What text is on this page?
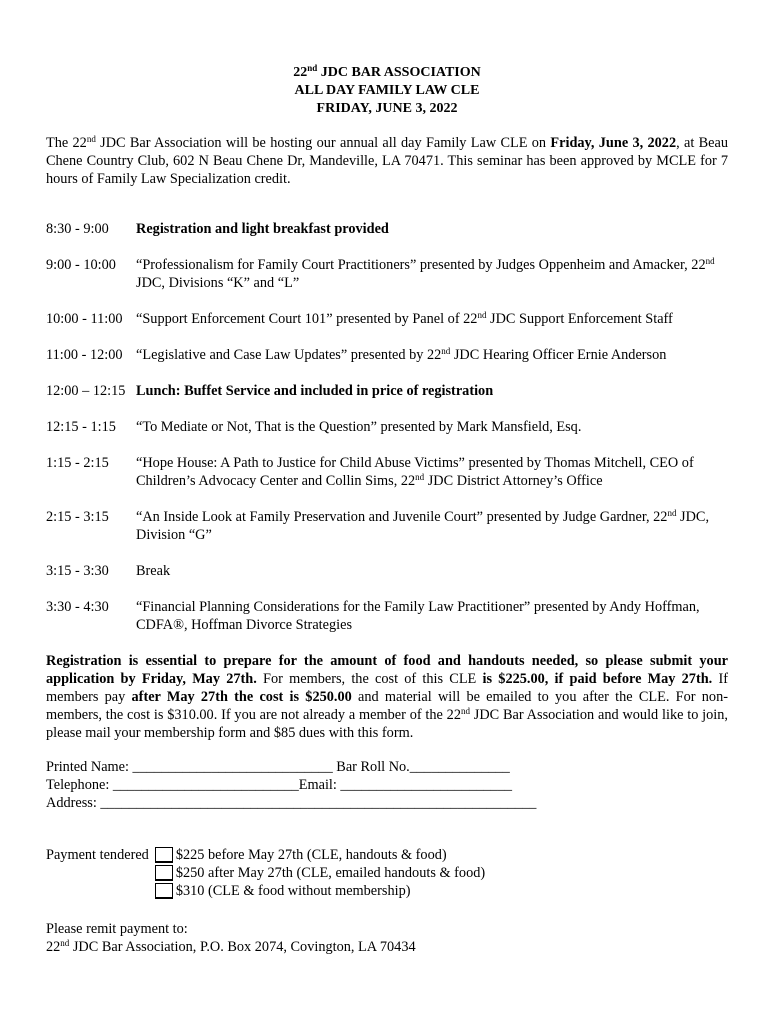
22nd JDC BAR ASSOCIATION
ALL DAY FAMILY LAW CLE
FRIDAY, JUNE 3, 2022

The 22nd JDC Bar Association will be hosting our annual all day Family Law CLE on Friday, June 3, 2022, at Beau Chene Country Club, 602 N Beau Chene Dr, Mandeville, LA 70471. This seminar has been approved by MCLE for 7 hours of Family Law Specialization credit.

8:30 - 9:00	Registration and light breakfast provided
9:00 - 10:00	“Professionalism for Family Court Practitioners” presented by Judges Oppenheim and Amacker, 22nd JDC, Divisions “K” and “L”
10:00 - 11:00 “Support Enforcement Court 101” presented by Panel of 22nd JDC Support Enforcement Staff
11:00 - 12:00 “Legislative and Case Law Updates” presented by 22nd JDC Hearing Officer Ernie Anderson
12:00 – 12:15 Lunch: Buffet Service and included in price of registration
12:15 - 1:15	“To Mediate or Not, That is the Question” presented by Mark Mansfield, Esq.
1:15 - 2:15	“Hope House: A Path to Justice for Child Abuse Victims” presented by Thomas Mitchell, CEO of Children’s Advocacy Center and Collin Sims, 22nd JDC District Attorney’s Office
2:15 - 3:15	“An Inside Look at Family Preservation and Juvenile Court” presented by Judge Gardner, 22nd JDC, Division “G”
3:15 - 3:30	Break
3:30 - 4:30	“Financial Planning Considerations for the Family Law Practitioner” presented by Andy Hoffman, CDFA®, Hoffman Divorce Strategies

Registration is essential to prepare for the amount of food and handouts needed, so please submit your application by Friday, May 27th. For members, the cost of this CLE is $225.00, if paid before May 27th. If members pay after May 27th the cost is $250.00 and material will be emailed to you after the CLE. For non-members, the cost is $310.00. If you are not already a member of the 22nd JDC Bar Association and would like to join, please mail your membership form and $85 dues with this form.

Printed Name: ____________________________ Bar Roll No.______________
Telephone: __________________________Email: ________________________
Address: _____________________________________________________________
Payment tendered $225 before May 27th (CLE, handouts & food)
$250 after May 27th (CLE, emailed handouts & food)
$310 (CLE & food without membership)
Please remit payment to:
22nd JDC Bar Association, P.O. Box 2074, Covington, LA 70434
